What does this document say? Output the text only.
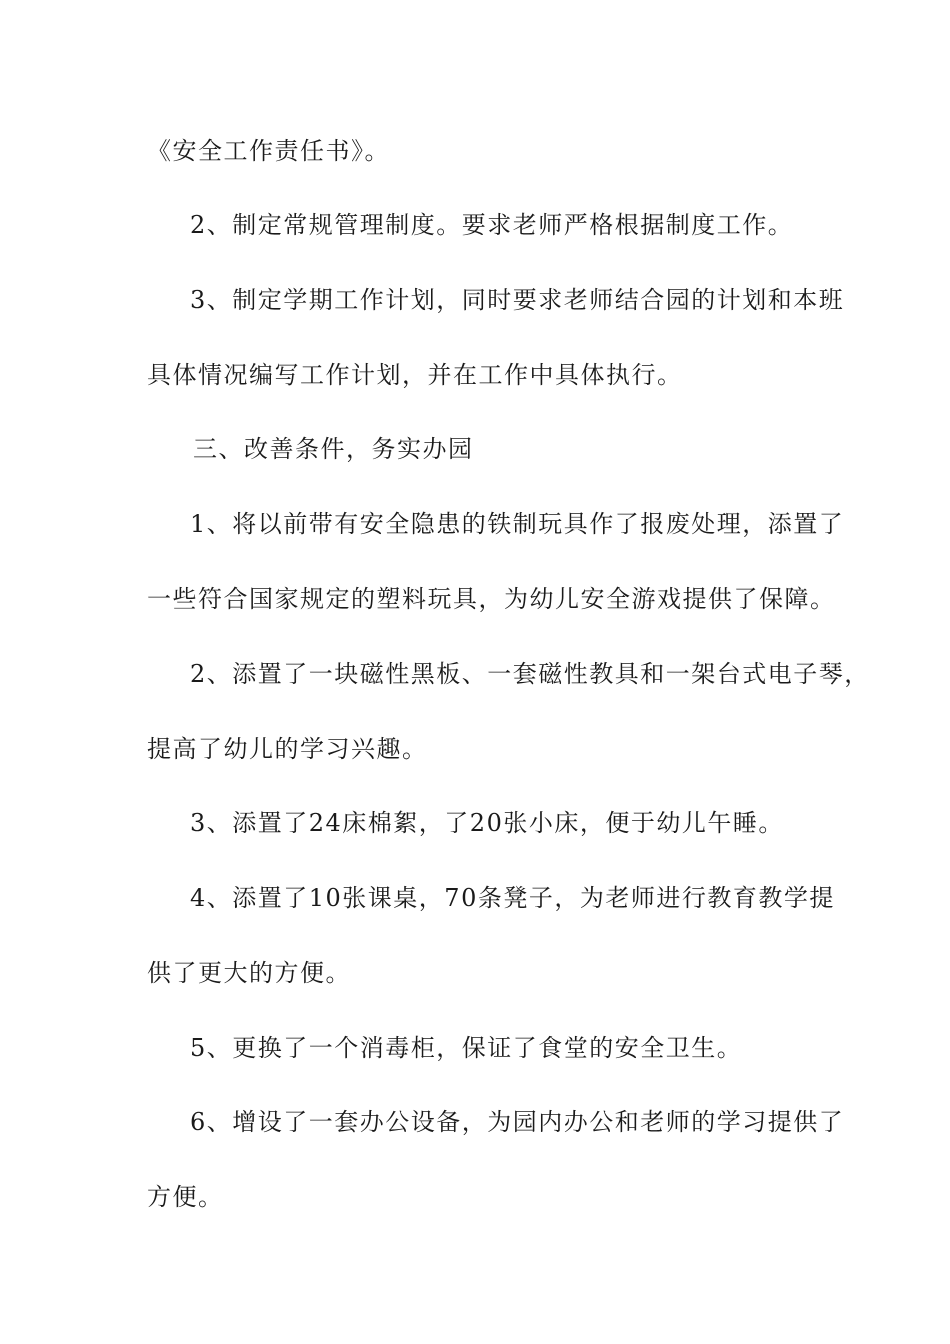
《安全工作责任书》。
2、制定常规管理制度。要求老师严格根据制度工作。
3、制定学期工作计划，同时要求老师结合园的计划和本班
具体情况编写工作计划，并在工作中具体执行。
三、改善条件，务实办园
1、将以前带有安全隐患的铁制玩具作了报废处理，添置了
一些符合国家规定的塑料玩具，为幼儿安全游戏提供了保障。
2、添置了一块磁性黑板、一套磁性教具和一架台式电子琴，
提高了幼儿的学习兴趣。
3、添置了24床棉絮，了20张小床，便于幼儿午睡。
4、添置了10张课桌，70条凳子，为老师进行教育教学提
供了更大的方便。
5、更换了一个消毒柜，保证了食堂的安全卫生。
6、增设了一套办公设备，为园内办公和老师的学习提供了
方便。
